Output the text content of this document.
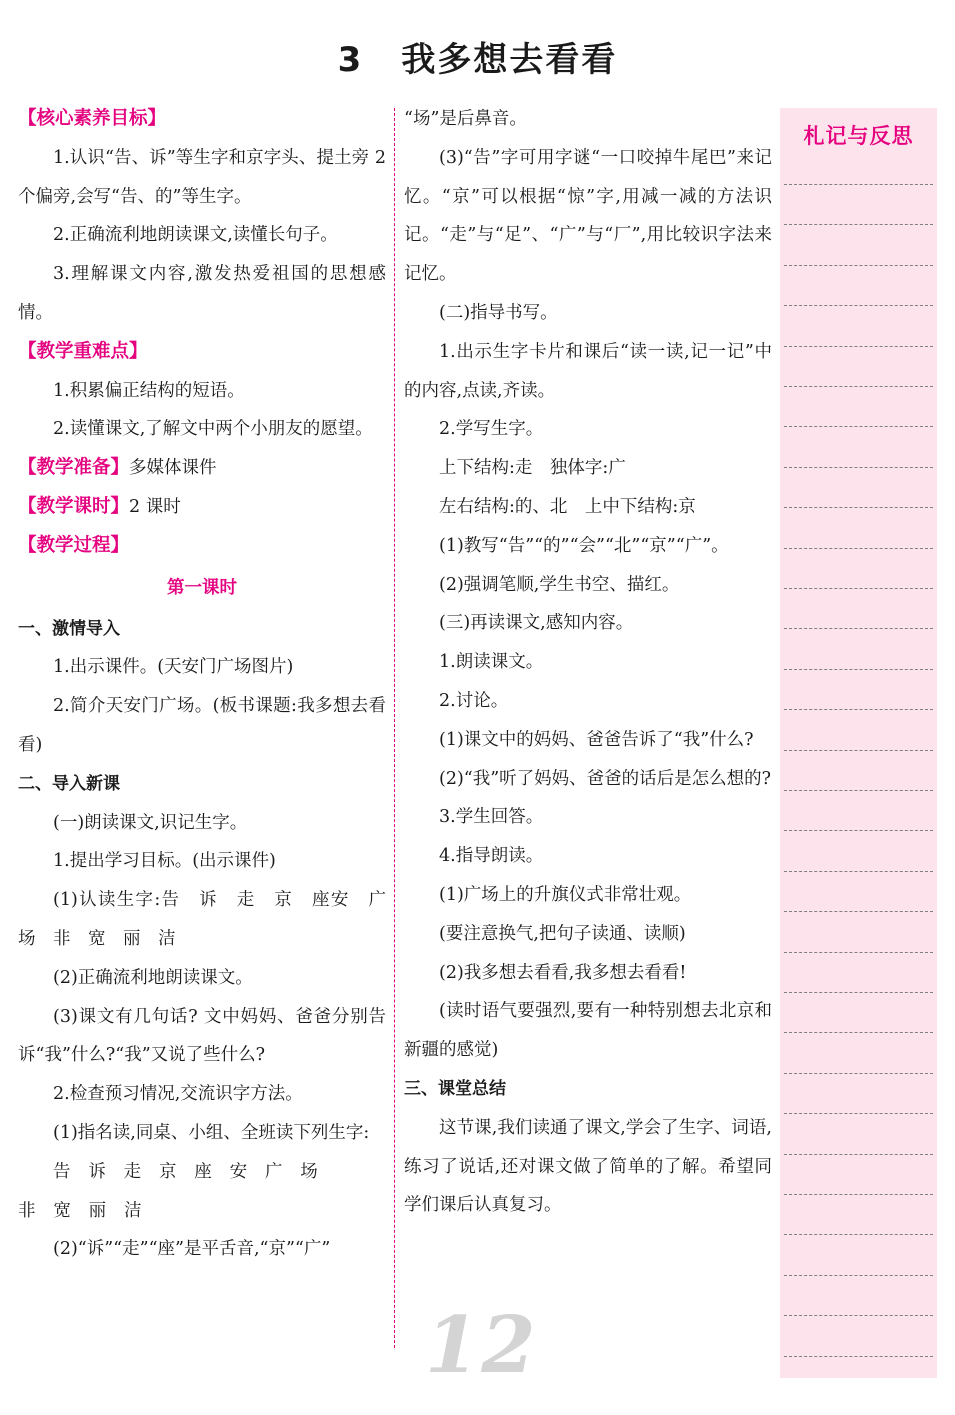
3 我多想去看看

【核心素养目标】

1.认识“告、诉”等生字和京字头、提土旁 2 个偏旁,会写“告、的”等生字。

2.正确流利地朗读课文,读懂长句子。

3.理解课文内容,激发热爱祖国的思想感情。

【教学重难点】

1.积累偏正结构的短语。

2.读懂课文,了解文中两个小朋友的愿望。

【教学准备】多媒体课件

【教学课时】2 课时

【教学过程】

第一课时

一、激情导入

1.出示课件。(天安门广场图片)

2.简介天安门广场。(板书课题:我多想去看看)

二、导入新课

(一)朗读课文,识记生字。

1.提出学习目标。(出示课件)

(1)认读生字:告　诉　走　京　座安　广　场　非　宽　丽　洁

(2)正确流利地朗读课文。

(3)课文有几句话? 文中妈妈、爸爸分别告诉“我”什么?“我”又说了些什么?

2.检查预习情况,交流识字方法。

(1)指名读,同桌、小组、全班读下列生字:

告 诉 走 京 座 安 广 场

非 宽 丽 洁

(2)“诉”“走”“座”是平舌音,“京”“广”

“场”是后鼻音。

(3)“告”字可用字谜“一口咬掉牛尾巴”来记忆。“京”可以根据“惊”字,用减一减的方法识记。“走”与“足”、“广”与“厂”,用比较识字法来记忆。

(二)指导书写。

1.出示生字卡片和课后“读一读,记一记”中的内容,点读,齐读。

2.学写生字。

上下结构:走　独体字:广

左右结构:的、北　上中下结构:京

(1)教写“告”“的”“会”“北”“京”“广”。

(2)强调笔顺,学生书空、描红。

(三)再读课文,感知内容。

1.朗读课文。

2.讨论。

(1)课文中的妈妈、爸爸告诉了“我”什么?

(2)“我”听了妈妈、爸爸的话后是怎么想的?

3.学生回答。

4.指导朗读。

(1)广场上的升旗仪式非常壮观。

(要注意换气,把句子读通、读顺)

(2)我多想去看看,我多想去看看!

(读时语气要强烈,要有一种特别想去北京和新疆的感觉)

三、课堂总结

这节课,我们读通了课文,学会了生字、词语,练习了说话,还对课文做了简单的了解。希望同学们课后认真复习。

札记与反思
12
